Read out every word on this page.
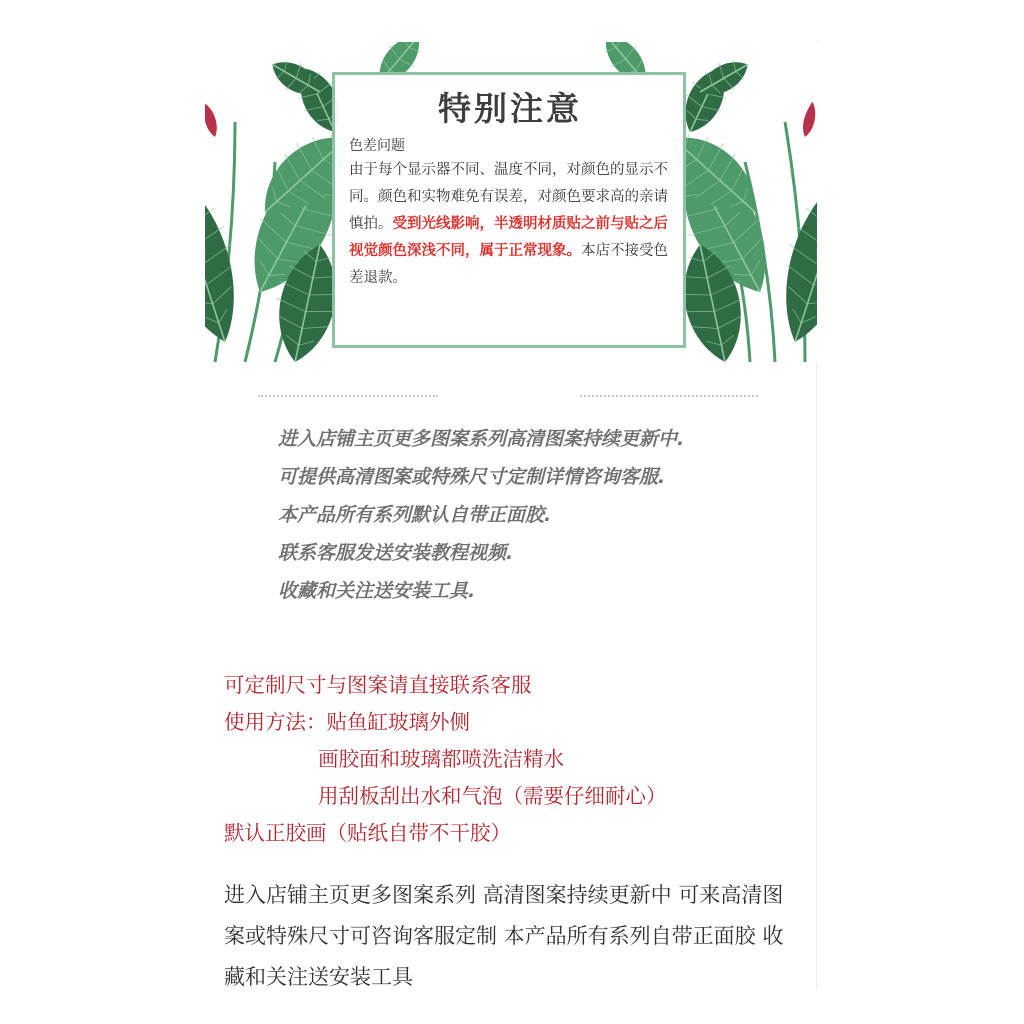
特别注意
色差问题

由于每个显示器不同、温度不同，对颜色的显示不同。颜色和实物难免有误差，对颜色要求高的亲请慎拍。受到光线影响，半透明材质贴之前与贴之后视觉颜色深浅不同，属于正常现象。本店不接受色差退款。

进入店铺主页更多图案系列高清图案持续更新中.
可提供高清图案或特殊尺寸定制详情咨询客服.
本产品所有系列默认自带正面胶.
联系客服发送安装教程视频.
收藏和关注送安装工具.
可定制尺寸与图案请直接联系客服
使用方法：贴鱼缸玻璃外侧
画胶面和玻璃都喷洗洁精水
用刮板刮出水和气泡（需要仔细耐心）
默认正胶画（贴纸自带不干胶）

进入店铺主页更多图案系列 高清图案持续更新中 可来高清图案或特殊尺寸可咨询客服定制 本产品所有系列自带正面胶 收藏和关注送安装工具
